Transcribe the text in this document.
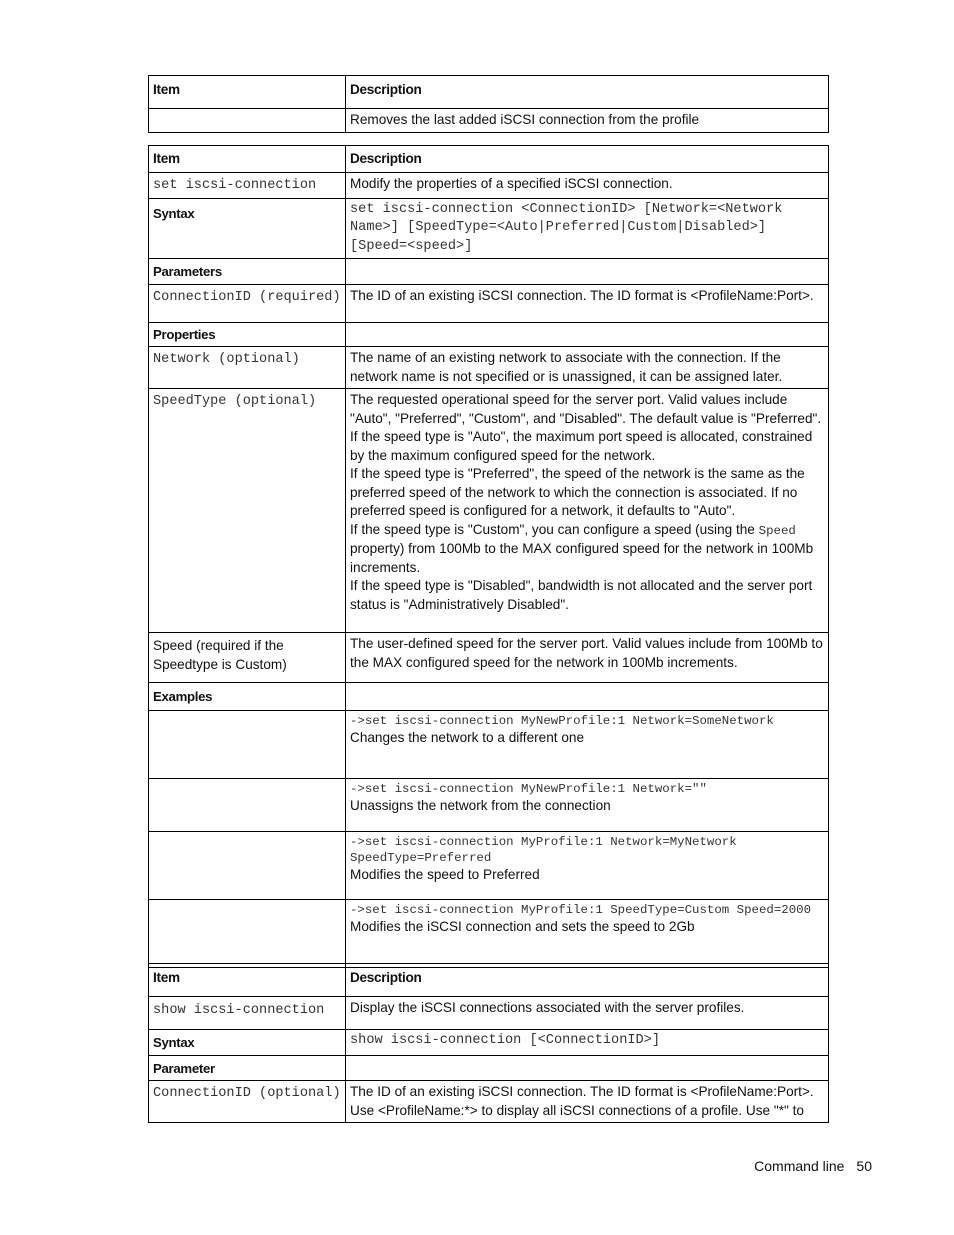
Item	Description
	Removes the last added iSCSI connection from the profile
Item	Description
set iscsi-connection	Modify the properties of a specified iSCSI connection.
Syntax	set iscsi-connection <ConnectionID> [Network=<Network Name>] [SpeedType=<Auto|Preferred|Custom|Disabled>] [Speed=<speed>]
Parameters	
ConnectionID (required)	The ID of an existing iSCSI connection. The ID format is <ProfileName:Port>.
Properties	
Network (optional)	The name of an existing network to associate with the connection. If the network name is not specified or is unassigned, it can be assigned later.
SpeedType (optional)	The requested operational speed for the server port. Valid values include "Auto", "Preferred", "Custom", and "Disabled". The default value is "Preferred".

If the speed type is "Auto", the maximum port speed is allocated, constrained by the maximum configured speed for the network.

If the speed type is "Preferred", the speed of the network is the same as the preferred speed of the network to which the connection is associated. If no preferred speed is configured for a network, it defaults to "Auto".

If the speed type is "Custom", you can configure a speed (using the Speed property) from 100Mb to the MAX configured speed for the network in 100Mb increments.

If the speed type is "Disabled", bandwidth is not allocated and the server port status is "Administratively Disabled".

Speed (required if the Speedtype is Custom)	The user-defined speed for the server port. Valid values include from 100Mb to the MAX configured speed for the network in 100Mb increments.
Examples	

	->set iscsi-connection MyNewProfile:1 Network=SomeNetwork
Changes the network to a different one

	->set iscsi-connection MyNewProfile:1 Network=""
Unassigns the network from the connection

	->set iscsi-connection MyProfile:1 Network=MyNetwork SpeedType=Preferred
Modifies the speed to Preferred

	->set iscsi-connection MyProfile:1 SpeedType=Custom Speed=2000
Modifies the iSCSI connection and sets the speed to 2Gb
Item	Description
show iscsi-connection	Display the iSCSI connections associated with the server profiles.
Syntax	show iscsi-connection [<ConnectionID>]
Parameter	
ConnectionID (optional)	The ID of an existing iSCSI connection. The ID format is <ProfileName:Port>. Use <ProfileName:*> to display all iSCSI connections of a profile. Use "*" to
Command line 50
